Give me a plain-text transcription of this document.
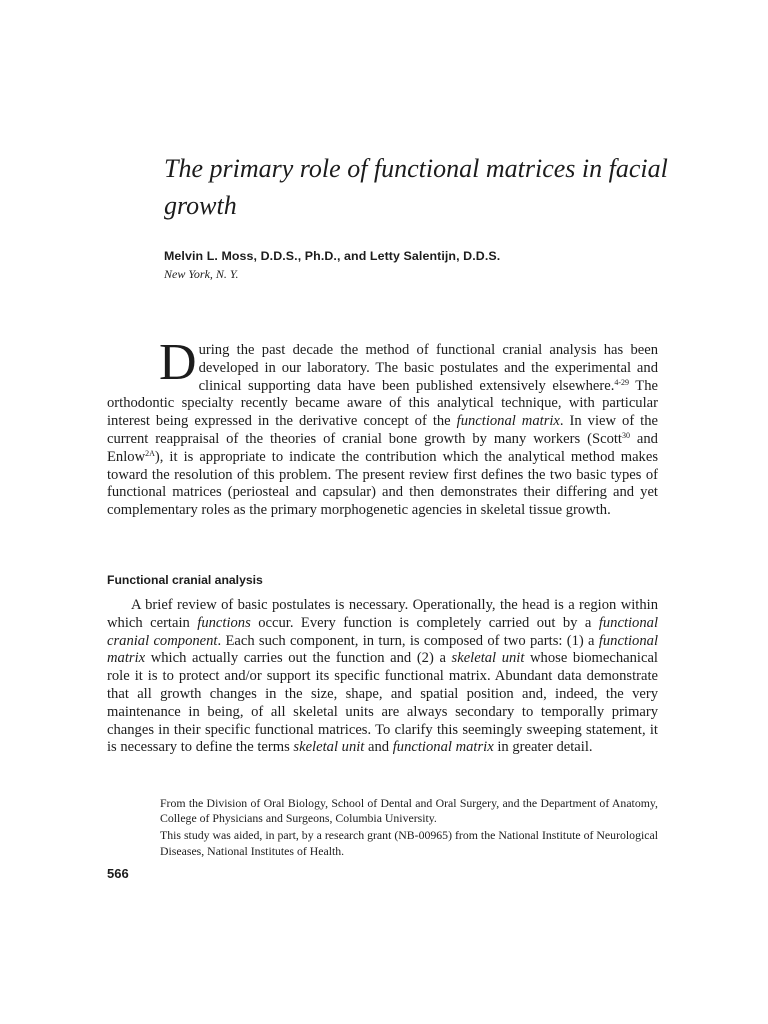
The primary role of functional matrices in facial growth
Melvin L. Moss, D.D.S., Ph.D., and Letty Salentijn, D.D.S.
New York, N. Y.

During the past decade the method of functional cranial analysis has been developed in our laboratory. The basic postulates and the experimental and clinical supporting data have been published extensively elsewhere.$^{4-29}$ The orthodontic specialty recently became aware of this analytical technique, with particular interest being expressed in the derivative concept of the functional matrix. In view of the current reappraisal of the theories of cranial bone growth by many workers (Scott$^{30}$ and Enlow$^{2A}$), it is appropriate to indicate the contribution which the analytical method makes toward the resolution of this problem. The present review first defines the two basic types of functional matrices (periosteal and capsular) and then demonstrates their differing and yet complementary roles as the primary morphogenetic agencies in skeletal tissue growth.

Functional cranial analysis

A brief review of basic postulates is necessary. Operationally, the head is a region within which certain functions occur. Every function is completely carried out by a functional cranial component. Each such component, in turn, is composed of two parts: (1) a functional matrix which actually carries out the function and (2) a skeletal unit whose biomechanical role it is to protect and/or support its specific functional matrix. Abundant data demonstrate that all growth changes in the size, shape, and spatial position and, indeed, the very maintenance in being, of all skeletal units are always secondary to temporally primary changes in their specific functional matrices. To clarify this seemingly sweeping statement, it is necessary to define the terms skeletal unit and functional matrix in greater detail.

From the Division of Oral Biology, School of Dental and Oral Surgery, and the Department of Anatomy, College of Physicians and Surgeons, Columbia University.

This study was aided, in part, by a research grant (NB-00965) from the National Institute of Neurological Diseases, National Institutes of Health.

566
